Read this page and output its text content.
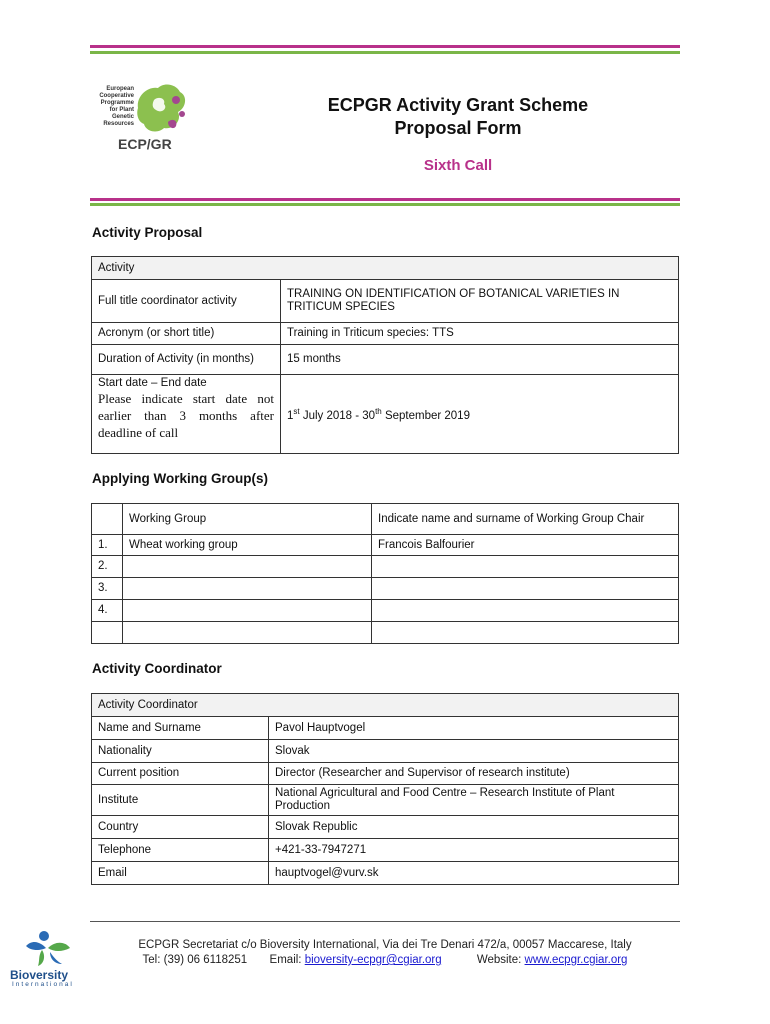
European
Cooperative
Programme
for Plant
Genetic
Resources
ECP/GR
ECPGR Activity Grant Scheme
Proposal Form
Sixth Call
Activity Proposal
Activity	
Full title coordinator activity	TRAINING ON IDENTIFICATION OF BOTANICAL VARIETIES IN TRITICUM SPECIES
Acronym (or short title)	Training in Triticum species: TTS
Duration of Activity (in months)	15 months

Start date – End date
Please indicate start date not earlier than 3 months after deadline of call	1st July 2018 - 30th September 2019
Applying Working Group(s)
	Working Group	Indicate name and surname of Working Group Chair
1.	Wheat working group	Francois Balfourier
2.		
3.		
4.		

Activity Coordinator
Activity Coordinator	
Name and Surname	Pavol Hauptvogel
Nationality	Slovak
Current position	Director (Researcher and Supervisor of research institute)
Institute	National Agricultural and Food Centre – Research Institute of Plant Production
Country	Slovak Republic
Telephone	+421-33-7947271
Email	hauptvogel@vurv.sk
Bioversity
International
ECPGR Secretariat c/o Bioversity International, Via dei Tre Denari 472/a, 00057 Maccarese, Italy
Tel: (39) 06 6118251 Email: bioversity-ecpgr@cgiar.org	Website: www.ecpgr.cgiar.org
